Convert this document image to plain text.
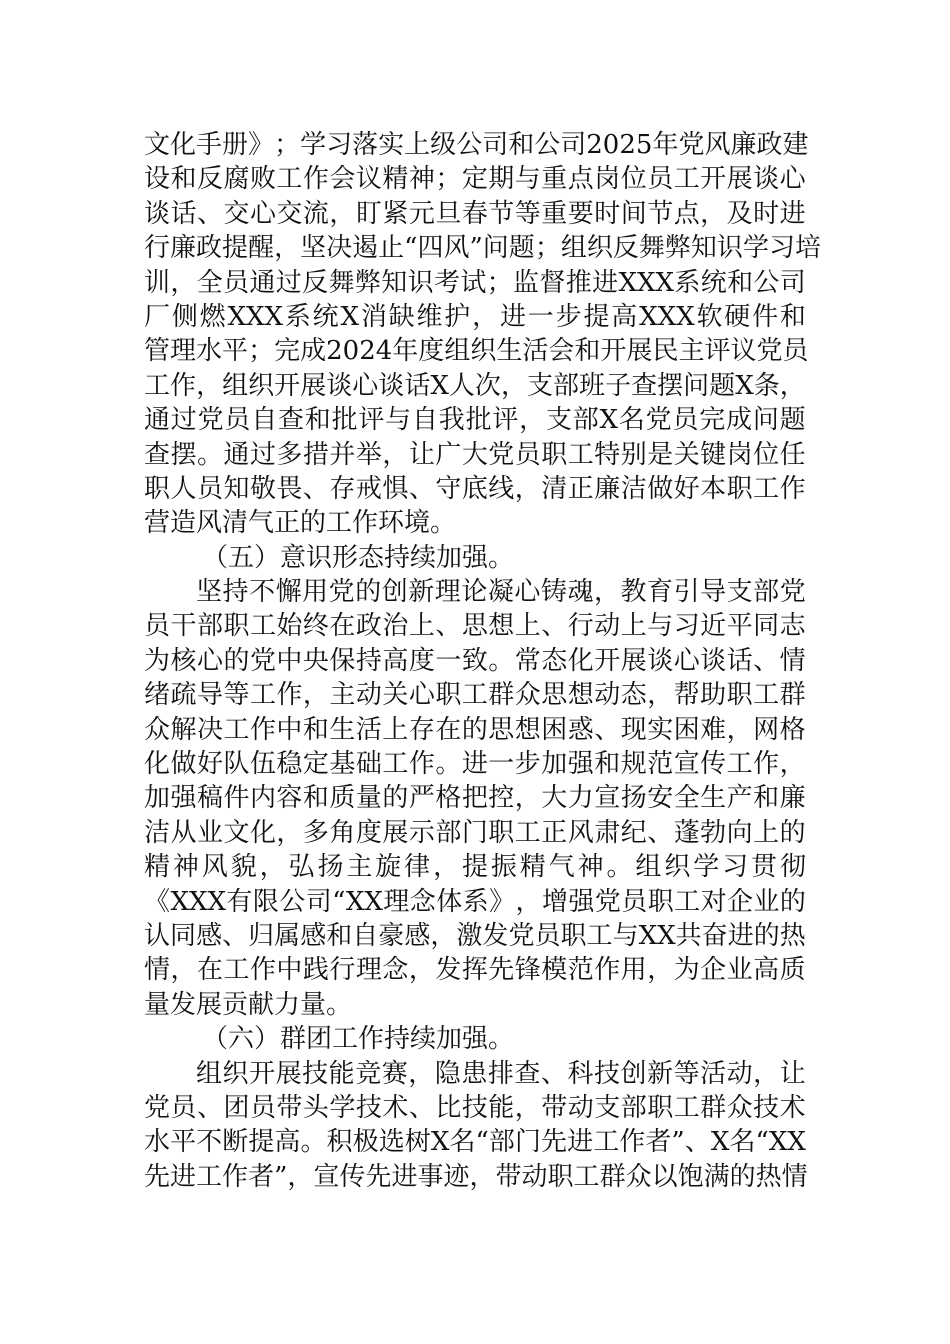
文 化 手 册 》 ； 学 习 落 实 上 级 公 司 和 公 司 2025 年 党 风 廉 政 建
设 和 反 腐 败 工 作 会 议 精 神 ； 定 期 与 重 点 岗 位 员 工 开 展 谈 心
谈 话 、 交 心 交 流 ， 盯 紧 元 旦 春 节 等 重 要 时 间 节 点 ， 及 时 进
行 廉 政 提 醒 ， 坚 决 遏 止 “ 四 风 ” 问 题 ； 组 织 反 舞 弊 知 识 学 习 培
训 ， 全 员 通 过 反 舞 弊 知 识 考 试 ； 监 督 推 进 XXX 系 统 和 公 司
厂 侧 燃 XXX 系 统 X 消 缺 维 护 ， 进 一 步 提 高 XXX 软 硬 件 和
管 理 水 平 ； 完 成 2024 年 度 组 织 生 活 会 和 开 展 民 主 评 议 党 员
工 作 ， 组 织 开 展 谈 心 谈 话 X 人 次 ， 支 部 班 子 查 摆 问 题 X 条 ，
通 过 党 员 自 查 和 批 评 与 自 我 批 评 ， 支 部 X 名 党 员 完 成 问 题
查 摆 。 通 过 多 措 并 举 ， 让 广 大 党 员 职 工 特 别 是 关 键 岗 位 任
职 人 员 知 敬 畏 、 存 戒 惧 、 守 底 线 ， 清 正 廉 洁 做 好 本 职 工 作
营造风清气正的工作环境。
（五）意识形态持续加强。
坚 持 不 懈 用 党 的 创 新 理 论 凝 心 铸 魂 ， 教 育 引 导 支 部 党
员 干 部 职 工 始 终 在 政 治 上 、 思 想 上 、 行 动 上 与 习 近 平 同 志
为 核 心 的 党 中 央 保 持 高 度 一 致 。 常 态 化 开 展 谈 心 谈 话 、 情
绪 疏 导 等 工 作 ， 主 动 关 心 职 工 群 众 思 想 动 态 ， 帮 助 职 工 群
众 解 决 工 作 中 和 生 活 上 存 在 的 思 想 困 惑 、 现 实 困 难 ， 网 格
化 做 好 队 伍 稳 定 基 础 工 作 。 进 一 步 加 强 和 规 范 宣 传 工 作 ，
加 强 稿 件 内 容 和 质 量 的 严 格 把 控 ， 大 力 宣 扬 安 全 生 产 和 廉
洁 从 业 文 化 ， 多 角 度 展 示 部 门 职 工 正 风 肃 纪 、 蓬 勃 向 上 的
精 神 风 貌 ， 弘 扬 主 旋 律 ， 提 振 精 气 神 。 组 织 学 习 贯 彻
《 XXX 有 限 公 司 “ XX 理 念 体 系 》 ， 增 强 党 员 职 工 对 企 业 的
认 同 感 、 归 属 感 和 自 豪 感 ， 激 发 党 员 职 工 与 XX 共 奋 进 的 热
情 ， 在 工 作 中 践 行 理 念 ， 发 挥 先 锋 模 范 作 用 ， 为 企 业 高 质
量发展贡献力量。
（六）群团工作持续加强。
组 织 开 展 技 能 竞 赛 ， 隐 患 排 查 、 科 技 创 新 等 活 动 ， 让
党 员 、 团 员 带 头 学 技 术 、 比 技 能 ， 带 动 支 部 职 工 群 众 技 术
水 平 不 断 提 高 。 积 极 选 树 X 名 “ 部 门 先 进 工 作 者 ” 、 X 名 “ XX
先 进 工 作 者 ” ， 宣 传 先 进 事 迹 ， 带 动 职 工 群 众 以 饱 满 的 热 情
